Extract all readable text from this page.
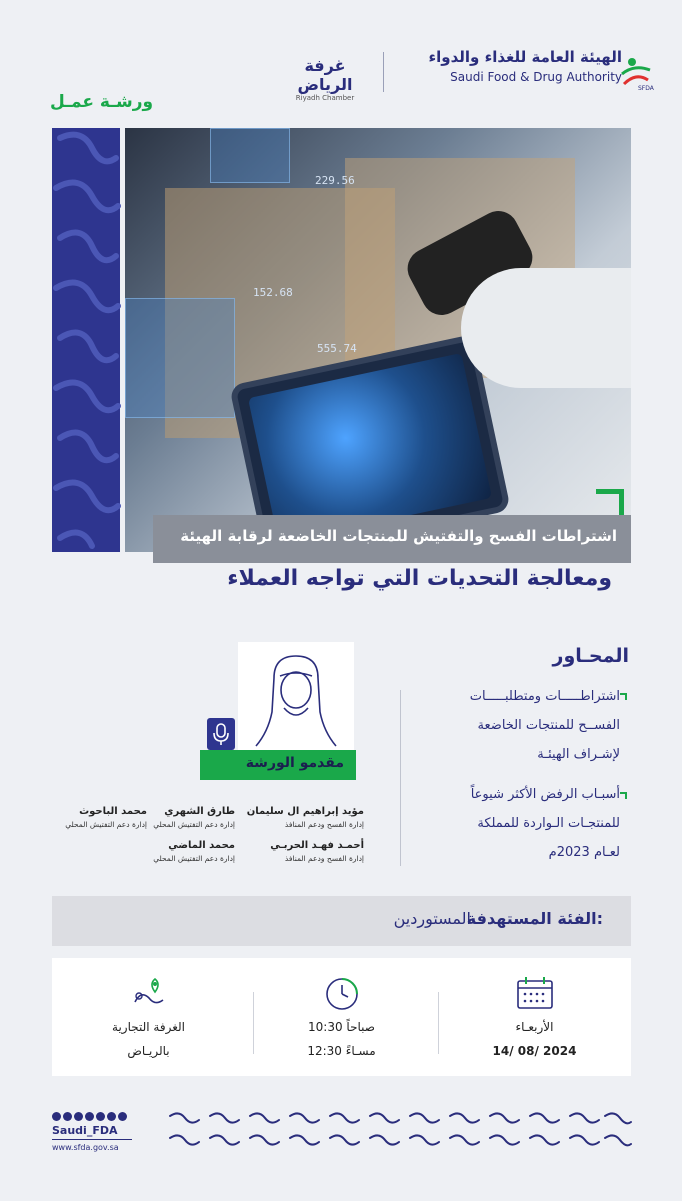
الهيئة العامة للغذاء والدواء
Saudi Food & Drug Authority
SFDA
غرفة الرياض
Riyadh Chamber
ورشـة عمـل
229.56
152.68
555.74
اشتراطات الفسح والتفتيش للمنتجات الخاضعة لرقابة الهيئة
ومعالجة التحديات التي تواجه العملاء
مقدمو الورشة
مؤيد إبراهيم ال سليمان
إدارة الفسح ودعم المنافذ
طارق الشهري
إدارة دعم التفتيش المحلي
محمد الباحوث
إدارة دعم التفتيش المحلي
أحمـد فهـد الحربـي
إدارة الفسح ودعم المنافذ
محمد الماضي
إدارة دعم التفتيش المحلي
المحـاور
اشتراطـــــات ومتطلبـــــات
الفســح للمنتجات الخاضعة
لإشـراف الهيئـة
أسبـاب الرفض الأكثر شيوعاً
للمنتجـات الـواردة للمملكة
لعـام 2023م
الفئة المستهدفة:
المستوردين
الأربعـاء
14/ 08/ 2024
10:30 صباحاً
12:30 مسـاءً
الغرفة التجارية
بالريـاض
Saudi_FDA
www.sfda.gov.sa
